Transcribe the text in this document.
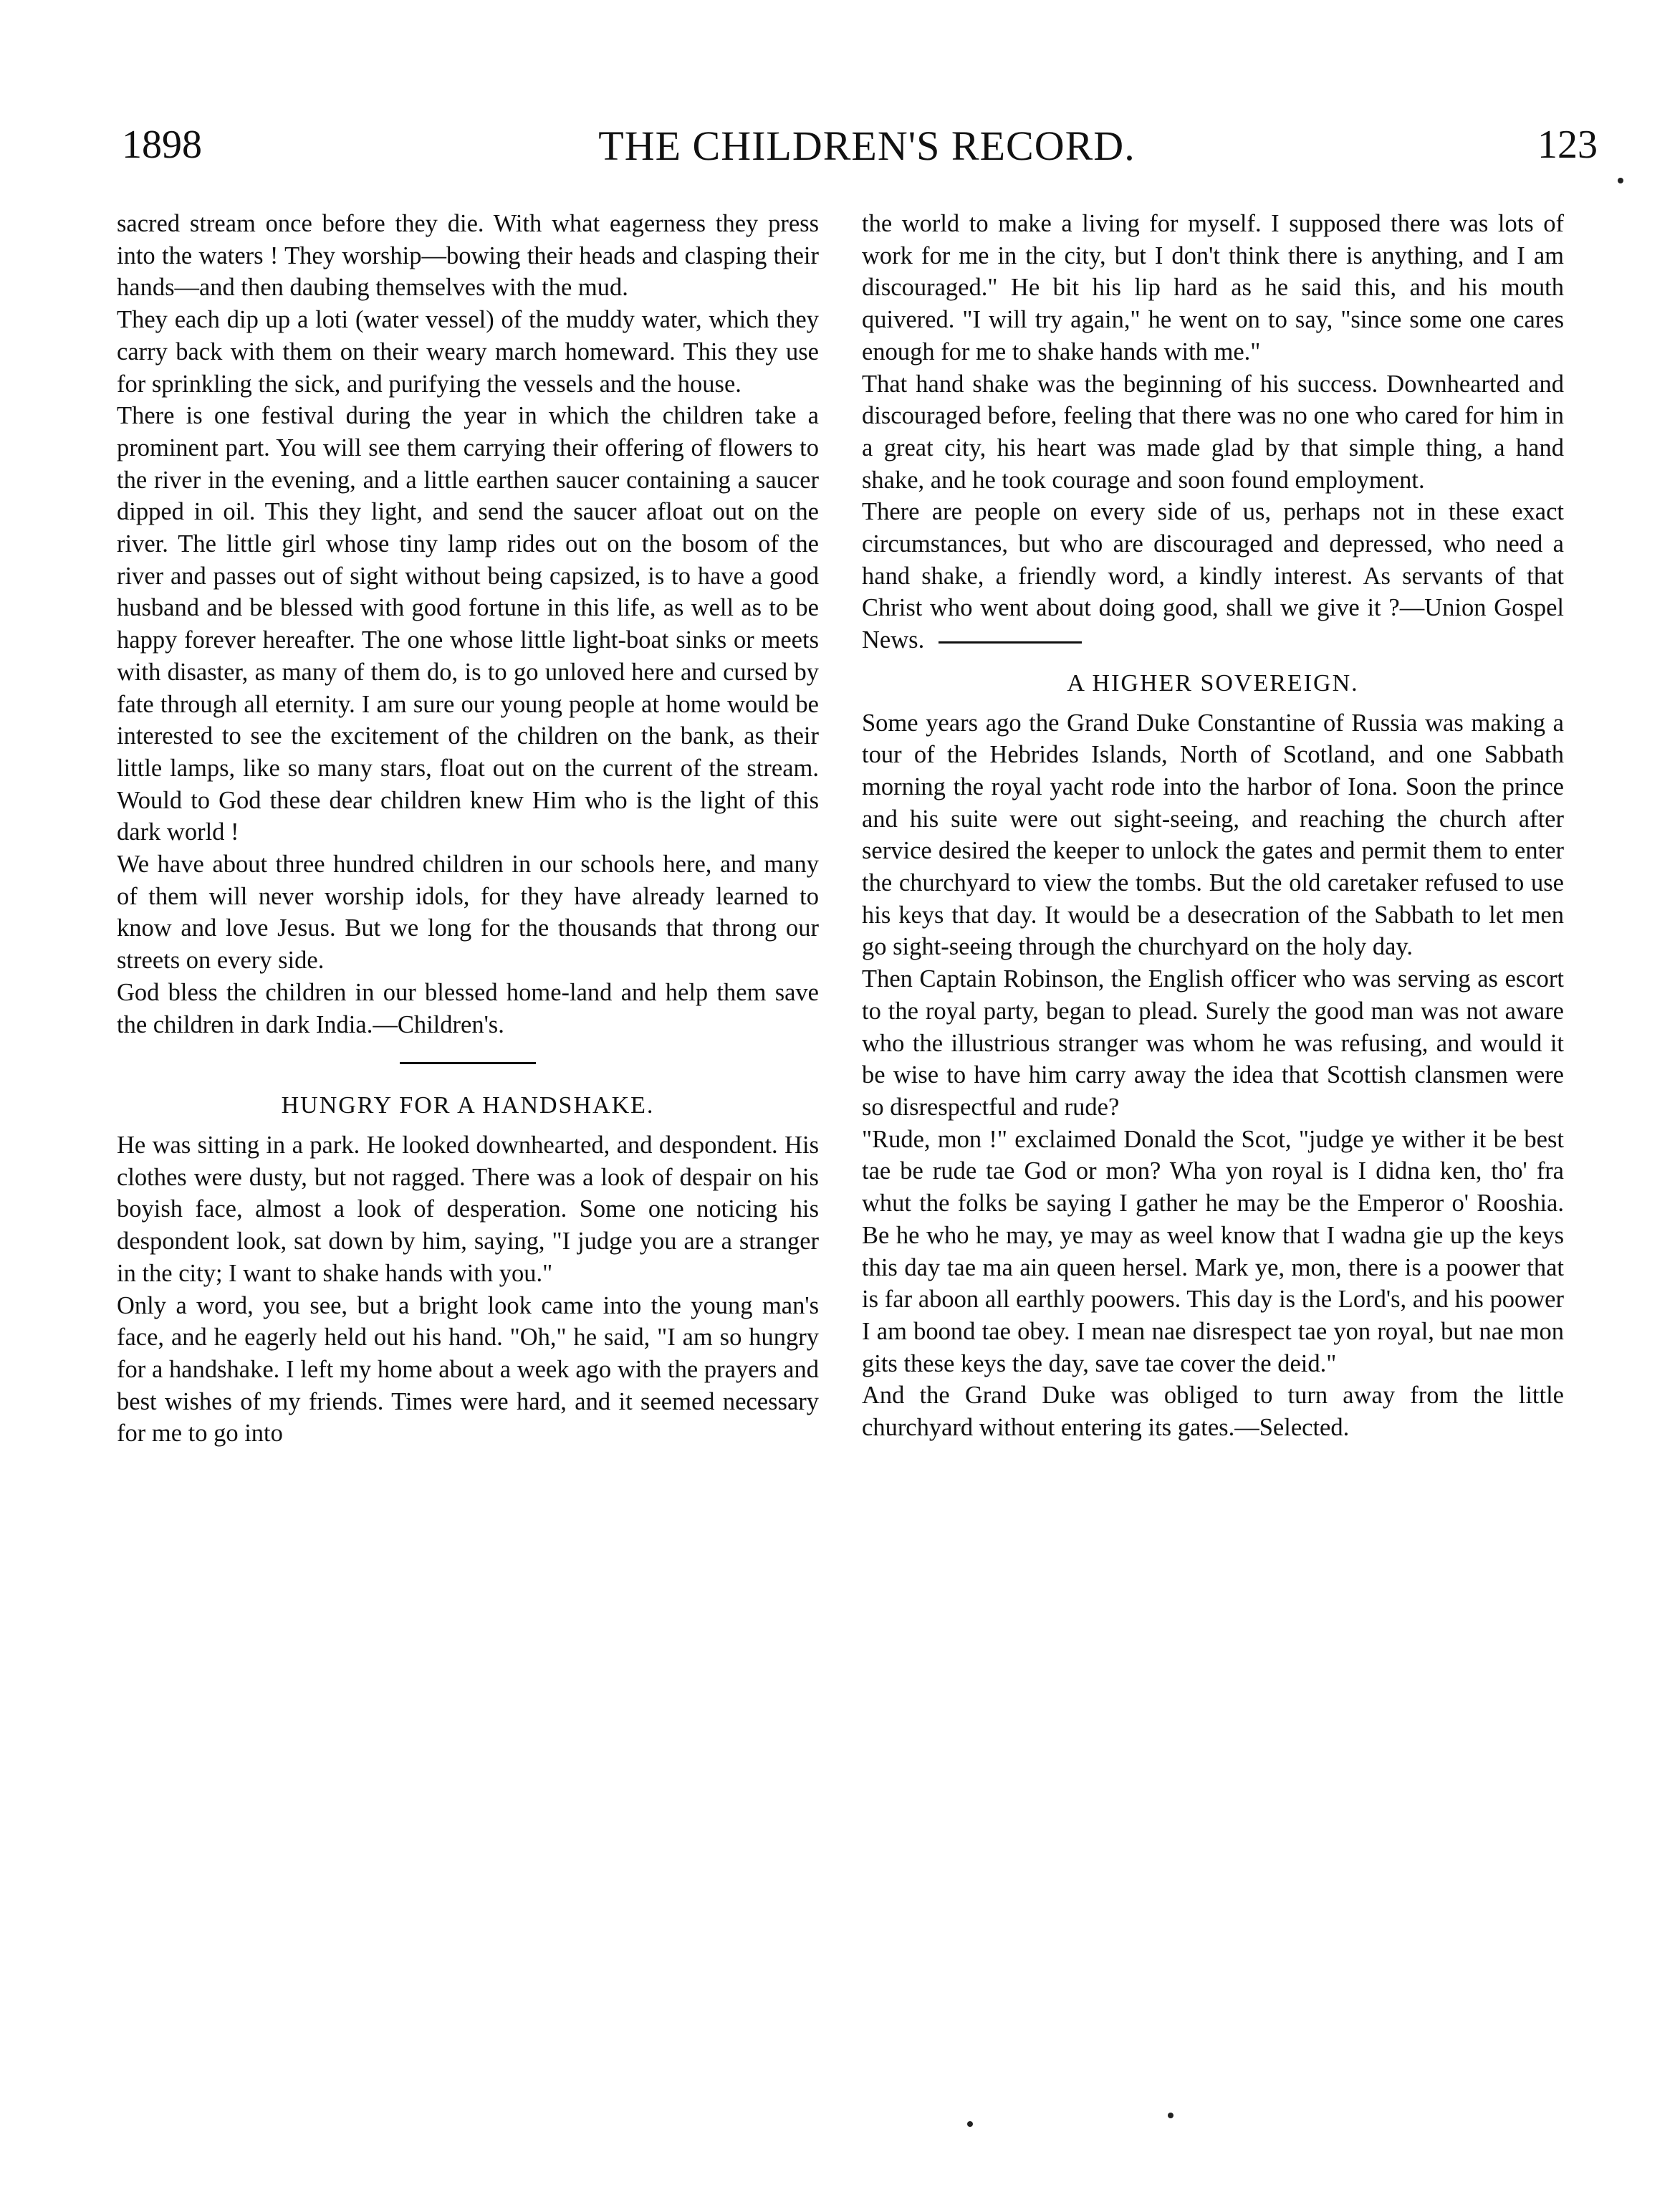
1898	THE CHILDREN'S RECORD.	123

sacred stream once before they die. With what eagerness they press into the waters ! They worship—bowing their heads and clasping their hands—and then daubing themselves with the mud.

They each dip up a loti (water vessel) of the muddy water, which they carry back with them on their weary march homeward. This they use for sprinkling the sick, and purifying the vessels and the house.

There is one festival during the year in which the children take a prominent part. You will see them carrying their offering of flowers to the river in the evening, and a little earthen saucer containing a saucer dipped in oil. This they light, and send the saucer afloat out on the river. The little girl whose tiny lamp rides out on the bosom of the river and passes out of sight without being capsized, is to have a good husband and be blessed with good fortune in this life, as well as to be happy forever hereafter. The one whose little light-boat sinks or meets with disaster, as many of them do, is to go unloved here and cursed by fate through all eternity. I am sure our young people at home would be interested to see the excitement of the children on the bank, as their little lamps, like so many stars, float out on the current of the stream. Would to God these dear children knew Him who is the light of this dark world !

We have about three hundred children in our schools here, and many of them will never worship idols, for they have already learned to know and love Jesus. But we long for the thousands that throng our streets on every side.

God bless the children in our blessed home-land and help them save the children in dark India.—Children's.

HUNGRY FOR A HANDSHAKE.

He was sitting in a park. He looked downhearted, and despondent. His clothes were dusty, but not ragged. There was a look of despair on his boyish face, almost a look of desperation. Some one noticing his despondent look, sat down by him, saying, "I judge you are a stranger in the city; I want to shake hands with you."

Only a word, you see, but a bright look came into the young man's face, and he eagerly held out his hand. "Oh," he said, "I am so hungry for a handshake. I left my home about a week ago with the prayers and best wishes of my friends. Times were hard, and it seemed necessary for me to go into

the world to make a living for myself. I supposed there was lots of work for me in the city, but I don't think there is anything, and I am discouraged." He bit his lip hard as he said this, and his mouth quivered. "I will try again," he went on to say, "since some one cares enough for me to shake hands with me."

That hand shake was the beginning of his success. Downhearted and discouraged before, feeling that there was no one who cared for him in a great city, his heart was made glad by that simple thing, a hand shake, and he took courage and soon found employment.

There are people on every side of us, perhaps not in these exact circumstances, but who are discouraged and depressed, who need a hand shake, a friendly word, a kindly interest. As servants of that Christ who went about doing good, shall we give it ?—Union Gospel News.

A HIGHER SOVEREIGN.

Some years ago the Grand Duke Constantine of Russia was making a tour of the Hebrides Islands, North of Scotland, and one Sabbath morning the royal yacht rode into the harbor of Iona. Soon the prince and his suite were out sight-seeing, and reaching the church after service desired the keeper to unlock the gates and permit them to enter the churchyard to view the tombs. But the old caretaker refused to use his keys that day. It would be a desecration of the Sabbath to let men go sight-seeing through the churchyard on the holy day.

Then Captain Robinson, the English officer who was serving as escort to the royal party, began to plead. Surely the good man was not aware who the illustrious stranger was whom he was refusing, and would it be wise to have him carry away the idea that Scottish clansmen were so disrespectful and rude?

"Rude, mon !" exclaimed Donald the Scot, "judge ye wither it be best tae be rude tae God or mon? Wha yon royal is I didna ken, tho' fra whut the folks be saying I gather he may be the Emperor o' Rooshia. Be he who he may, ye may as weel know that I wadna gie up the keys this day tae ma ain queen hersel. Mark ye, mon, there is a poower that is far aboon all earthly poowers. This day is the Lord's, and his poower I am boond tae obey. I mean nae disrespect tae yon royal, but nae mon gits these keys the day, save tae cover the deid."

And the Grand Duke was obliged to turn away from the little churchyard without entering its gates.—Selected.
